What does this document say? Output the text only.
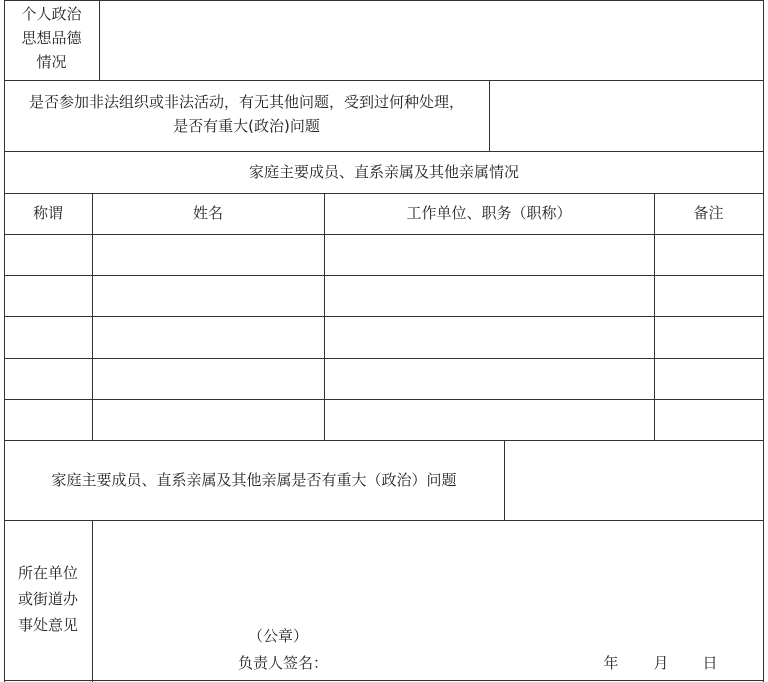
个人政治
思想品德
情况
是否参加非法组织或非法活动，有无其他问题，受到过何种处理，
是否有重大(政治)问题
家庭主要成员、直系亲属及其他亲属情况
称谓	姓名	工作单位、职务（职称）	备注
家庭主要成员、直系亲属及其他亲属是否有重大（政治）问题
所在单位
或街道办
事处意见
（公章）
负责人签名：	年 月 日
